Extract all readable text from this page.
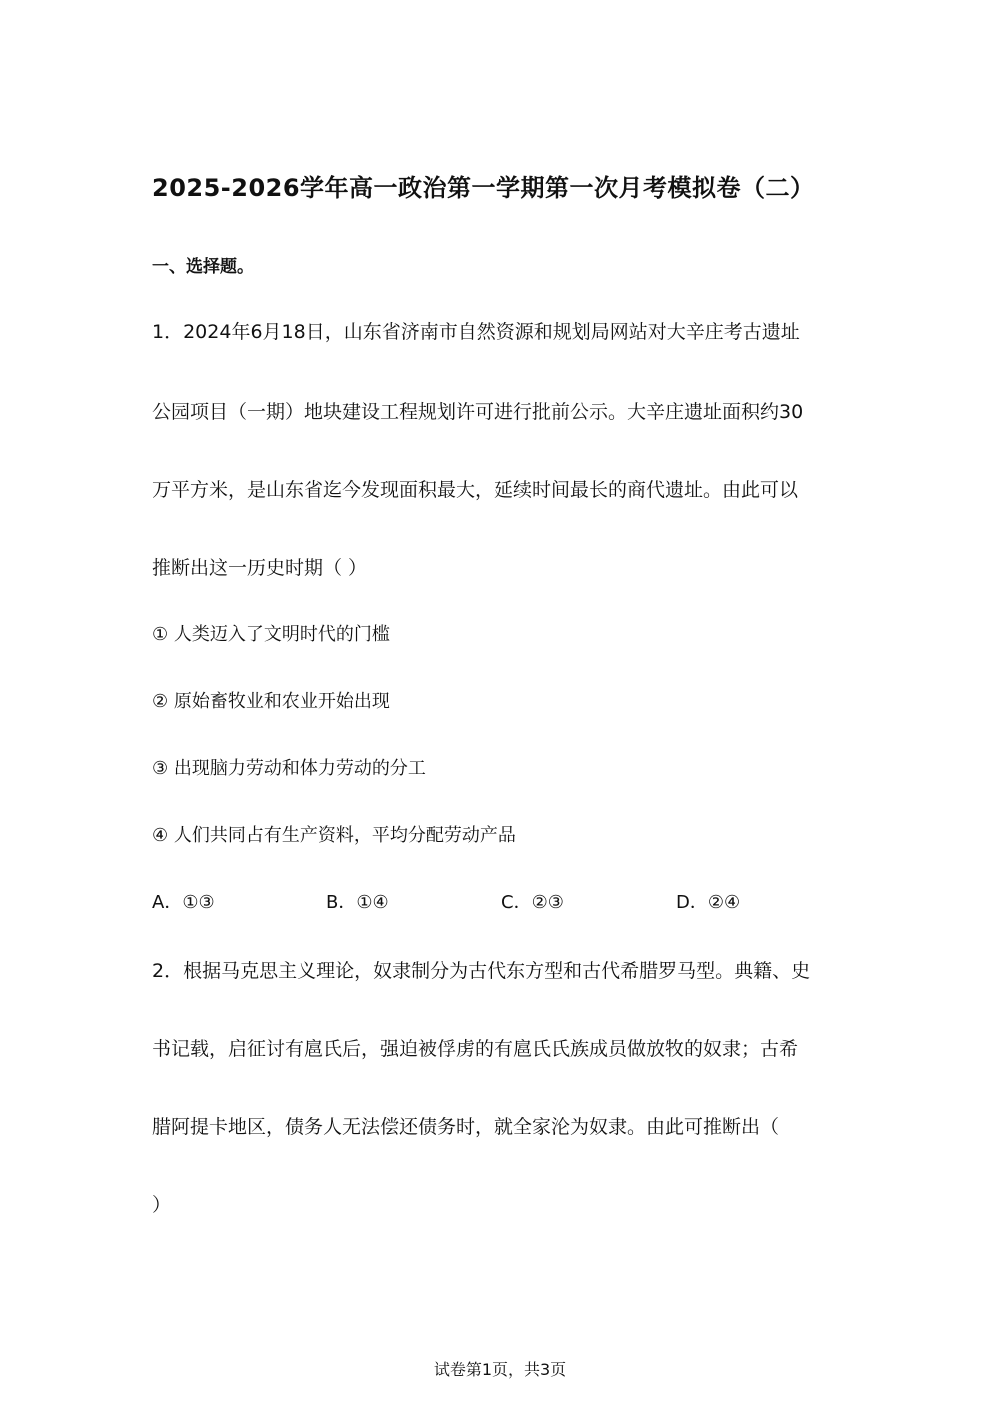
2025-2026学年高一政治第一学期第一次月考模拟卷（二）
一、选择题。
1．2024年6月18日，山东省济南市自然资源和规划局网站对大辛庄考古遗址
公园项目（一期）地块建设工程规划许可进行批前公示。大辛庄遗址面积约30
万平方米，是山东省迄今发现面积最大，延续时间最长的商代遗址。由此可以
推断出这一历史时期（ ）
① 人类迈入了文明时代的门槛
② 原始畜牧业和农业开始出现
③ 出现脑力劳动和体力劳动的分工
④ 人们共同占有生产资料，平均分配劳动产品
A．①③	B．①④	C．②③	D．②④
2．根据马克思主义理论，奴隶制分为古代东方型和古代希腊罗马型。典籍、史
书记载，启征讨有扈氏后，强迫被俘虏的有扈氏氏族成员做放牧的奴隶；古希
腊阿提卡地区，债务人无法偿还债务时，就全家沦为奴隶。由此可推断出（
）
试卷第1页，共3页
